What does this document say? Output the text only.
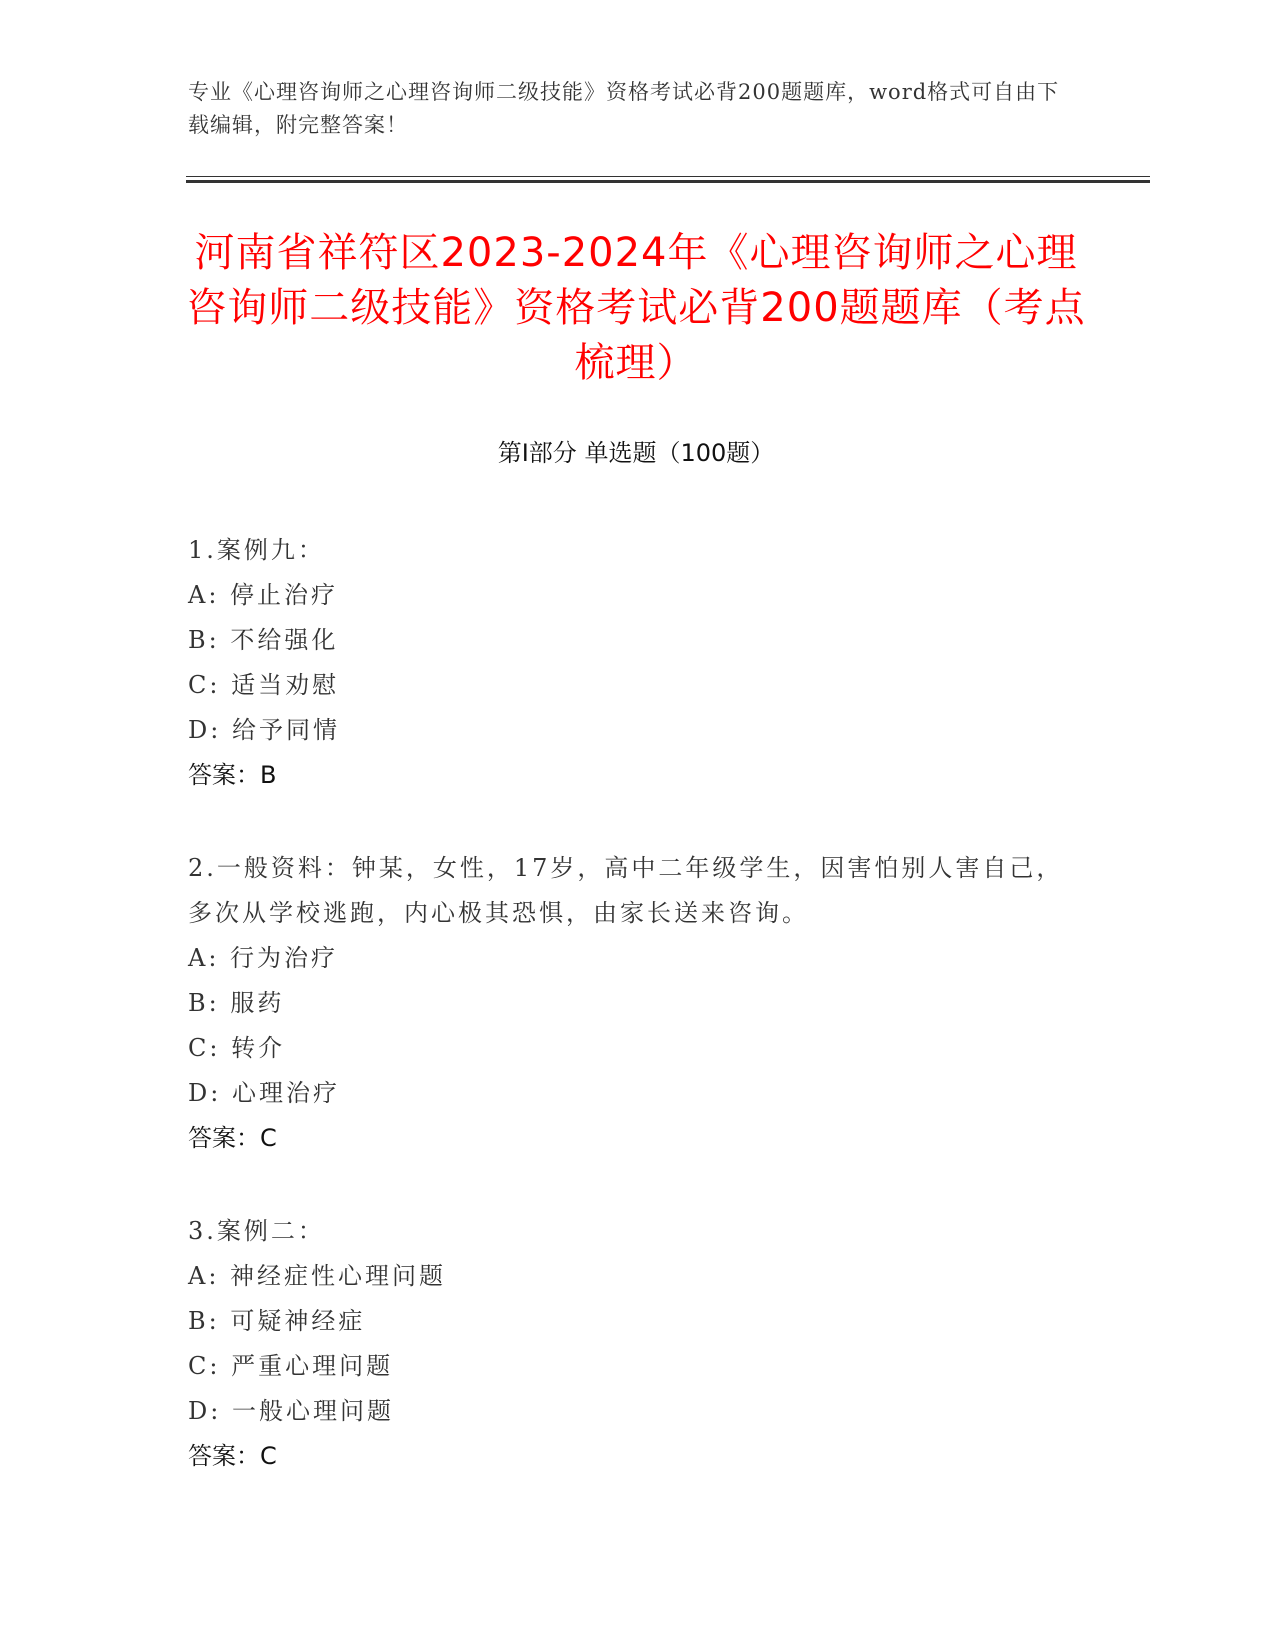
专业《心理咨询师之心理咨询师二级技能》资格考试必背200题题库，word格式可自由下载编辑，附完整答案！
河南省祥符区2023-2024年《心理咨询师之心理咨询师二级技能》资格考试必背200题题库（考点梳理）
第I部分 单选题（100题）

1.案例九：

A: 停止治疗

B: 不给强化

C: 适当劝慰

D: 给予同情

答案：B

2.一般资料：钟某，女性，17岁，高中二年级学生，因害怕别人害自己，多次从学校逃跑，内心极其恐惧，由家长送来咨询。

A: 行为治疗

B: 服药

C: 转介

D: 心理治疗

答案：C

3.案例二：

A: 神经症性心理问题

B: 可疑神经症

C: 严重心理问题

D: 一般心理问题

答案：C
